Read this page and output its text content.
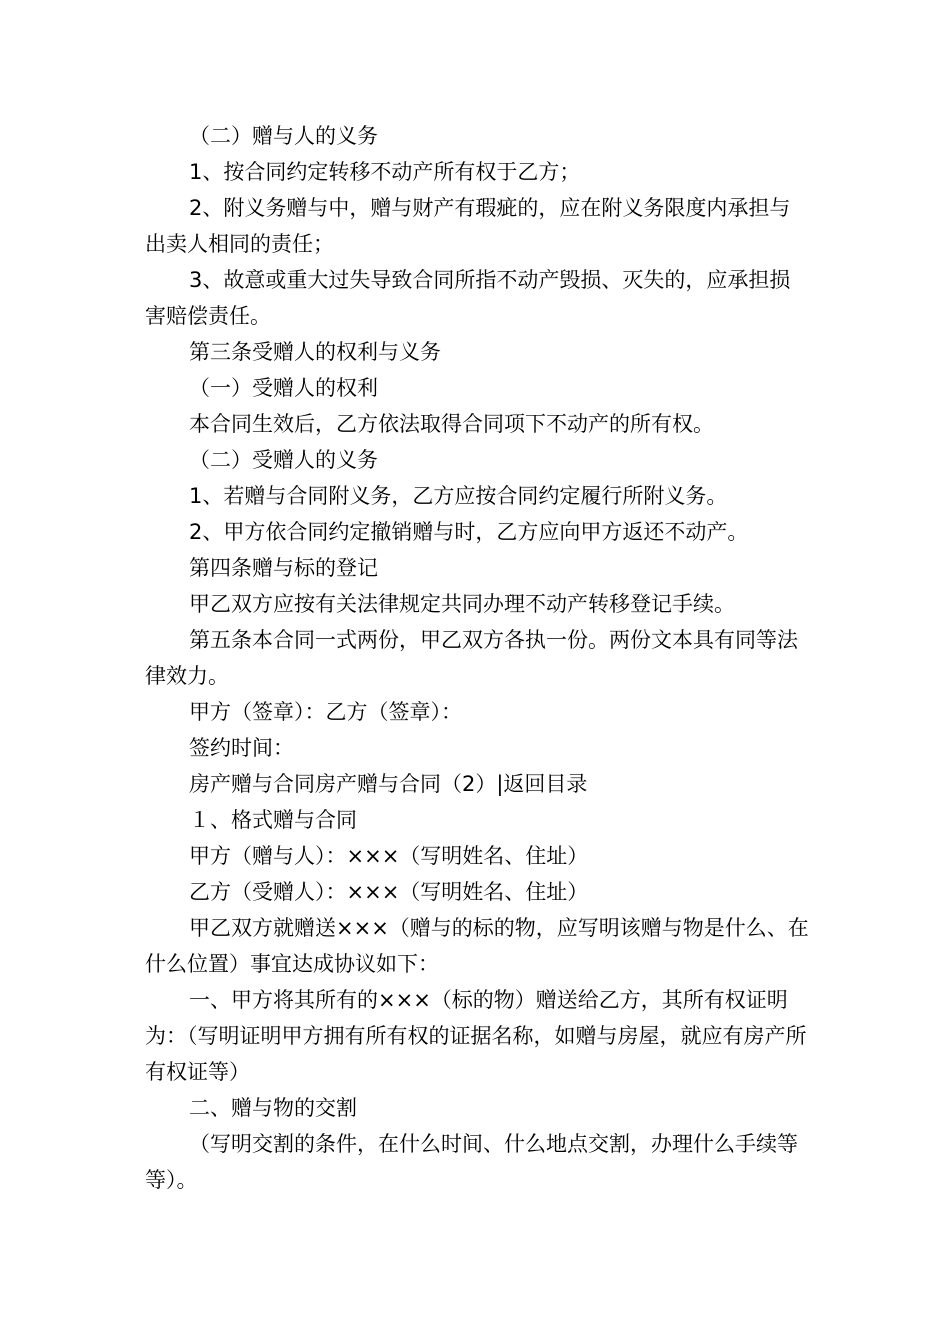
（二）赠与人的义务

1、按合同约定转移不动产所有权于乙方；

2、附义务赠与中，赠与财产有瑕疵的，应在附义务限度内承担与出卖人相同的责任；

3、故意或重大过失导致合同所指不动产毁损、灭失的，应承担损害赔偿责任。

第三条受赠人的权利与义务

（一）受赠人的权利

本合同生效后，乙方依法取得合同项下不动产的所有权。

（二）受赠人的义务

1、若赠与合同附义务，乙方应按合同约定履行所附义务。

2、甲方依合同约定撤销赠与时，乙方应向甲方返还不动产。

第四条赠与标的登记

甲乙双方应按有关法律规定共同办理不动产转移登记手续。

第五条本合同一式两份，甲乙双方各执一份。两份文本具有同等法律效力。

甲方（签章）：乙方（签章）：

签约时间：

房产赠与合同房产赠与合同（2）|返回目录

１、格式赠与合同

甲方（赠与人）：×××（写明姓名、住址）

乙方（受赠人）：×××（写明姓名、住址）

甲乙双方就赠送×××（赠与的标的物，应写明该赠与物是什么、在什么位置）事宜达成协议如下：

一、甲方将其所有的×××（标的物）赠送给乙方，其所有权证明为：（写明证明甲方拥有所有权的证据名称，如赠与房屋，就应有房产所有权证等）

二、赠与物的交割

（写明交割的条件，在什么时间、什么地点交割，办理什么手续等等）。
